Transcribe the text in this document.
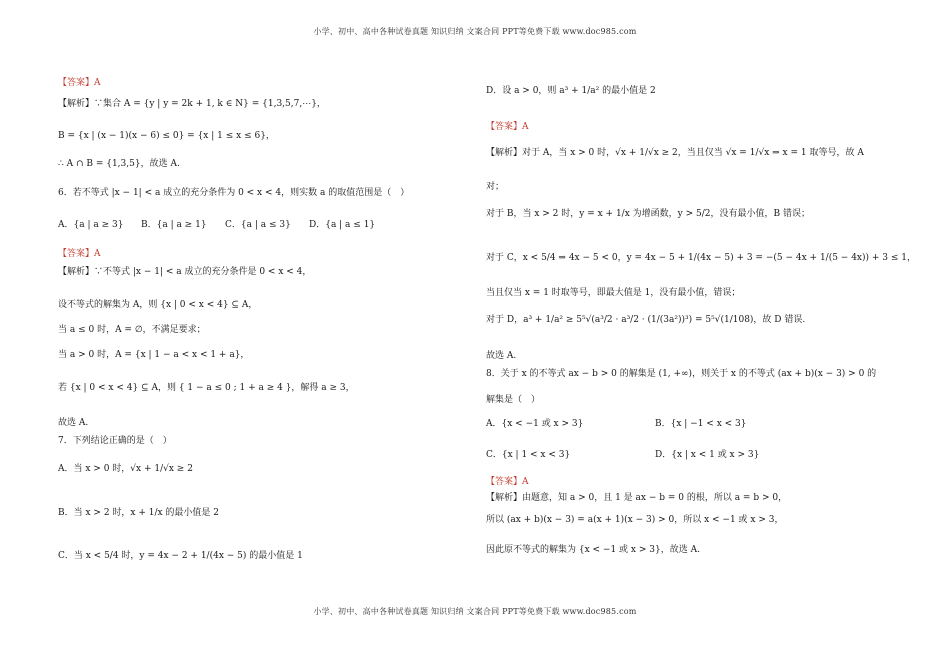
小学、初中、高中各种试卷真题 知识归纳 文案合同 PPT等免费下载 www.doc985.com
【答案】A
【解析】∵集合 A = {y | y = 2k + 1, k ∈ N} = {1,3,5,7,⋯}，
B = {x | (x − 1)(x − 6) ≤ 0} = {x | 1 ≤ x ≤ 6}，
∴ A ∩ B = {1,3,5}，故选 A.
6．若不等式 |x − 1| < a 成立的充分条件为 0 < x < 4，则实数 a 的取值范围是（　）
A．{a | a ≥ 3} B．{a | a ≥ 1} C．{a | a ≤ 3} D．{a | a ≤ 1}
【答案】A
【解析】∵不等式 |x − 1| < a 成立的充分条件是 0 < x < 4，
设不等式的解集为 A，则 {x | 0 < x < 4} ⊆ A，
当 a ≤ 0 时，A = ∅，不满足要求；
当 a > 0 时，A = {x | 1 − a < x < 1 + a}，
若 {x | 0 < x < 4} ⊆ A，则 { 1 − a ≤ 0 ; 1 + a ≥ 4 }，解得 a ≥ 3，
故选 A.
7．下列结论正确的是（　）
A．当 x > 0 时，√x + 1/√x ≥ 2
B．当 x > 2 时，x + 1/x 的最小值是 2
C．当 x < 5/4 时，y = 4x − 2 + 1/(4x − 5) 的最小值是 1
D．设 a > 0，则 a³ + 1/a² 的最小值是 2
【答案】A
【解析】对于 A，当 x > 0 时，√x + 1/√x ≥ 2，当且仅当 √x = 1/√x ⇒ x = 1 取等号，故 A
对；
对于 B，当 x > 2 时，y = x + 1/x 为增函数，y > 5/2，没有最小值，B 错误；
对于 C，x < 5/4 ⇒ 4x − 5 < 0，y = 4x − 5 + 1/(4x − 5) + 3 = −(5 − 4x + 1/(5 − 4x)) + 3 ≤ 1，
当且仅当 x = 1 时取等号，即最大值是 1，没有最小值，错误；
对于 D，a³ + 1/a² ≥ 5⁵√(a³/2 · a³/2 · (1/(3a²))³) = 5⁵√(1/108)，故 D 错误.
故选 A.
8．关于 x 的不等式 ax − b > 0 的解集是 (1, +∞)，则关于 x 的不等式 (ax + b)(x − 3) > 0 的
解集是（　）
A．{x < −1 或 x > 3}	B．{x | −1 < x < 3}
C．{x | 1 < x < 3}	D．{x | x < 1 或 x > 3}
【答案】A
【解析】由题意，知 a > 0，且 1 是 ax − b = 0 的根，所以 a = b > 0，
所以 (ax + b)(x − 3) = a(x + 1)(x − 3) > 0，所以 x < −1 或 x > 3，
因此原不等式的解集为 {x < −1 或 x > 3}，故选 A.
小学、初中、高中各种试卷真题 知识归纳 文案合同 PPT等免费下载 www.doc985.com
